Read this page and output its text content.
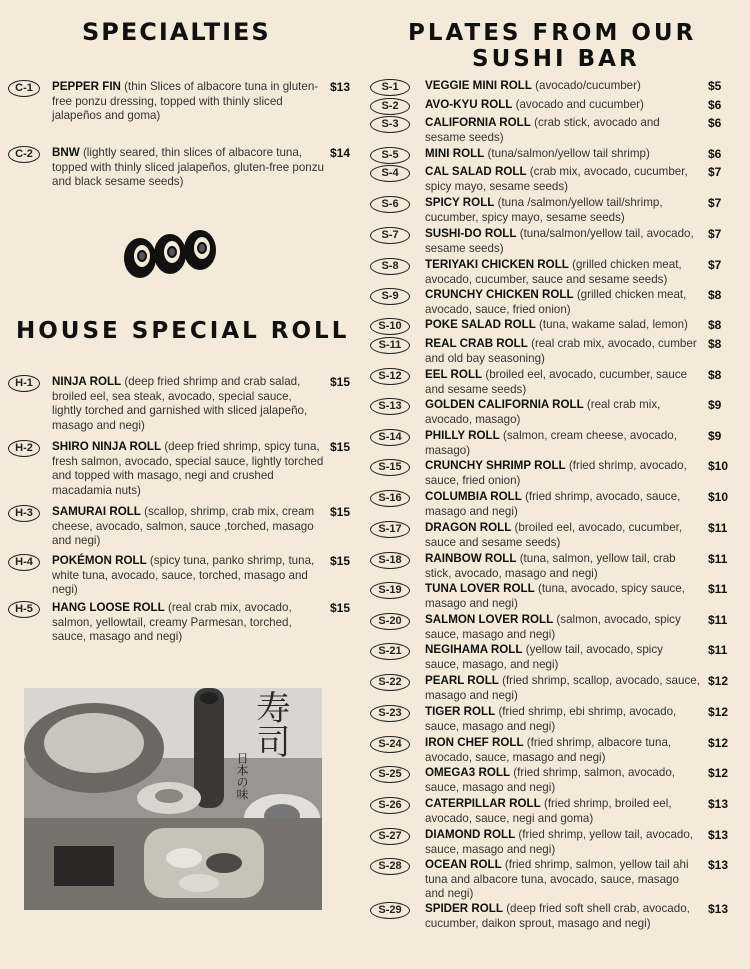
SPECIALTIES
C-1	PEPPER FIN (thin Slices of albacore tuna in gluten-free ponzu dressing, topped with thinly sliced jalapeños and goma)
$13
C-2	BNW (lightly seared, thin slices of albacore tuna, topped with thinly sliced jalapeños, gluten-free ponzu and black sesame seeds)
$14
HOUSE SPECIAL ROLL
H-1	NINJA ROLL (deep fried shrimp and crab salad, broiled eel, sea steak, avocado, special sauce, lightly torched and garnished with sliced jalapeño, masago and negi)
$15
H-2	SHIRO NINJA ROLL (deep fried shrimp, spicy tuna, fresh salmon, avocado, special sauce, lightly torched and topped with masago, negi and crushed macadamia nuts)
$15
H-3	SAMURAI ROLL (scallop, shrimp, crab mix, cream cheese, avocado, salmon, sauce ,torched, masago and negi)
$15
H-4	POKÉMON ROLL (spicy tuna, panko shrimp, tuna, white tuna, avocado, sauce, torched, masago and negi)
$15
H-5	HANG LOOSE ROLL (real crab mix, avocado, salmon, yellowtail, creamy Parmesan, torched, sauce, masago and negi)
$15
寿司
日本の味
PLATES FROM OUR
SUSHI BAR
S-1	VEGGIE MINI ROLL (avocado/cucumber)	$5
S-2	AVO-KYU ROLL (avocado and cucumber)	$6
S-3	CALIFORNIA ROLL (crab stick, avocado and sesame seeds)
$6
S-5	MINI ROLL (tuna/salmon/yellow tail shrimp)	$6
S-4	CAL SALAD ROLL (crab mix, avocado, cucumber, spicy mayo, sesame seeds)
$7
S-6	SPICY ROLL (tuna /salmon/yellow tail/shrimp, cucumber, spicy mayo, sesame seeds)
$7
S-7	SUSHI-DO ROLL (tuna/salmon/yellow tail, avocado, sesame seeds)
$7
S-8	TERIYAKI CHICKEN ROLL (grilled chicken meat, avocado, cucumber, sauce and sesame seeds)
$7
S-9	CRUNCHY CHICKEN ROLL (grilled chicken meat, avocado, sauce, fried onion)
$8
S-10	POKE SALAD ROLL (tuna, wakame salad, lemon)	$8
S-11	REAL CRAB ROLL (real crab mix, avocado, cumber and old bay seasoning)
$8
S-12	EEL ROLL (broiled eel, avocado, cucumber, sauce and sesame seeds)
$8
S-13	GOLDEN CALIFORNIA ROLL (real crab mix, avocado, masago)
$9
S-14	PHILLY ROLL (salmon, cream cheese, avocado, masago)
$9
S-15	CRUNCHY SHRIMP ROLL (fried shrimp, avocado, sauce, fried onion)
$10
S-16	COLUMBIA ROLL (fried shrimp, avocado, sauce, masago and negi)
$10
S-17	DRAGON ROLL (broiled eel, avocado, cucumber, sauce and sesame seeds)
$11
S-18	RAINBOW ROLL (tuna, salmon, yellow tail, crab stick, avocado, masago and negi)
$11
S-19	TUNA LOVER ROLL (tuna, avocado, spicy sauce, masago and negi)
$11
S-20	SALMON LOVER ROLL (salmon, avocado, spicy sauce, masago and negi)
$11
S-21	NEGIHAMA ROLL (yellow tail, avocado, spicy sauce, masago, and negi)
$11
S-22	PEARL ROLL (fried shrimp, scallop, avocado, sauce, masago and negi)
$12
S-23	TIGER ROLL (fried shrimp, ebi shrimp, avocado, sauce, masago and negi)
$12
S-24	IRON CHEF ROLL (fried shrimp, albacore tuna, avocado, sauce, masago and negi)
$12
S-25	OMEGA3 ROLL (fried shrimp, salmon, avocado, sauce, masago and negi)
$12
S-26	CATERPILLAR ROLL (fried shrimp, broiled eel, avocado, sauce, negi and goma)
$13
S-27	DIAMOND ROLL (fried shrimp, yellow tail, avocado, sauce, masago and negi)
$13
S-28	OCEAN ROLL (fried shrimp, salmon, yellow tail ahi tuna and albacore tuna, avocado, sauce, masago and negi)
$13
S-29	SPIDER ROLL (deep fried soft shell crab, avocado, cucumber, daikon sprout, masago and negi)
$13
